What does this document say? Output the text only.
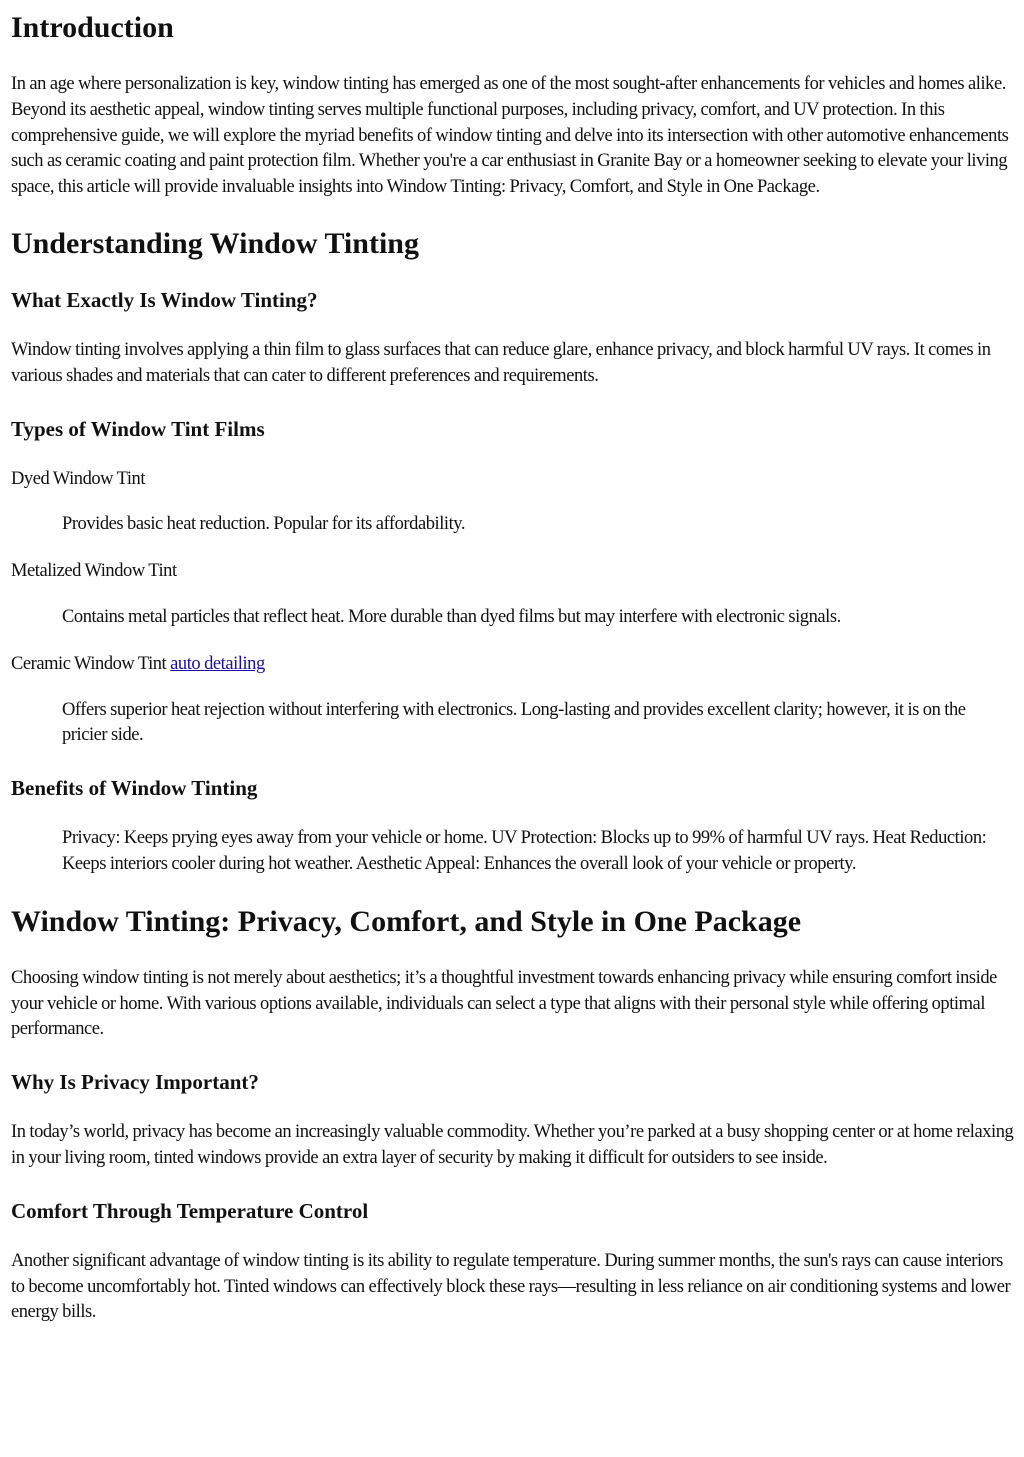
Introduction

In an age where personalization is key, window tinting has emerged as one of the most sought-after enhancements for vehicles and homes alike. Beyond its aesthetic appeal, window tinting serves multiple functional purposes, including privacy, comfort, and UV protection. In this comprehensive guide, we will explore the myriad benefits of window tinting and delve into its intersection with other automotive enhancements such as ceramic coating and paint protection film. Whether you're a car enthusiast in Granite Bay or a homeowner seeking to elevate your living space, this article will provide invaluable insights into Window Tinting: Privacy, Comfort, and Style in One Package.

Understanding Window Tinting
What Exactly Is Window Tinting?

Window tinting involves applying a thin film to glass surfaces that can reduce glare, enhance privacy, and block harmful UV rays. It comes in various shades and materials that can cater to different preferences and requirements.

Types of Window Tint Films

Dyed Window Tint

Provides basic heat reduction. Popular for its affordability.

Metalized Window Tint

Contains metal particles that reflect heat. More durable than dyed films but may interfere with electronic signals.

Ceramic Window Tint auto detailing

Offers superior heat rejection without interfering with electronics. Long-lasting and provides excellent clarity; however, it is on the pricier side.

Benefits of Window Tinting

Privacy: Keeps prying eyes away from your vehicle or home. UV Protection: Blocks up to 99% of harmful UV rays. Heat Reduction: Keeps interiors cooler during hot weather. Aesthetic Appeal: Enhances the overall look of your vehicle or property.

Window Tinting: Privacy, Comfort, and Style in One Package

Choosing window tinting is not merely about aesthetics; it’s a thoughtful investment towards enhancing privacy while ensuring comfort inside your vehicle or home. With various options available, individuals can select a type that aligns with their personal style while offering optimal performance.

Why Is Privacy Important?

In today’s world, privacy has become an increasingly valuable commodity. Whether you’re parked at a busy shopping center or at home relaxing in your living room, tinted windows provide an extra layer of security by making it difficult for outsiders to see inside.

Comfort Through Temperature Control

Another significant advantage of window tinting is its ability to regulate temperature. During summer months, the sun's rays can cause interiors to become uncomfortably hot. Tinted windows can effectively block these rays—resulting in less reliance on air conditioning systems and lower energy bills.
